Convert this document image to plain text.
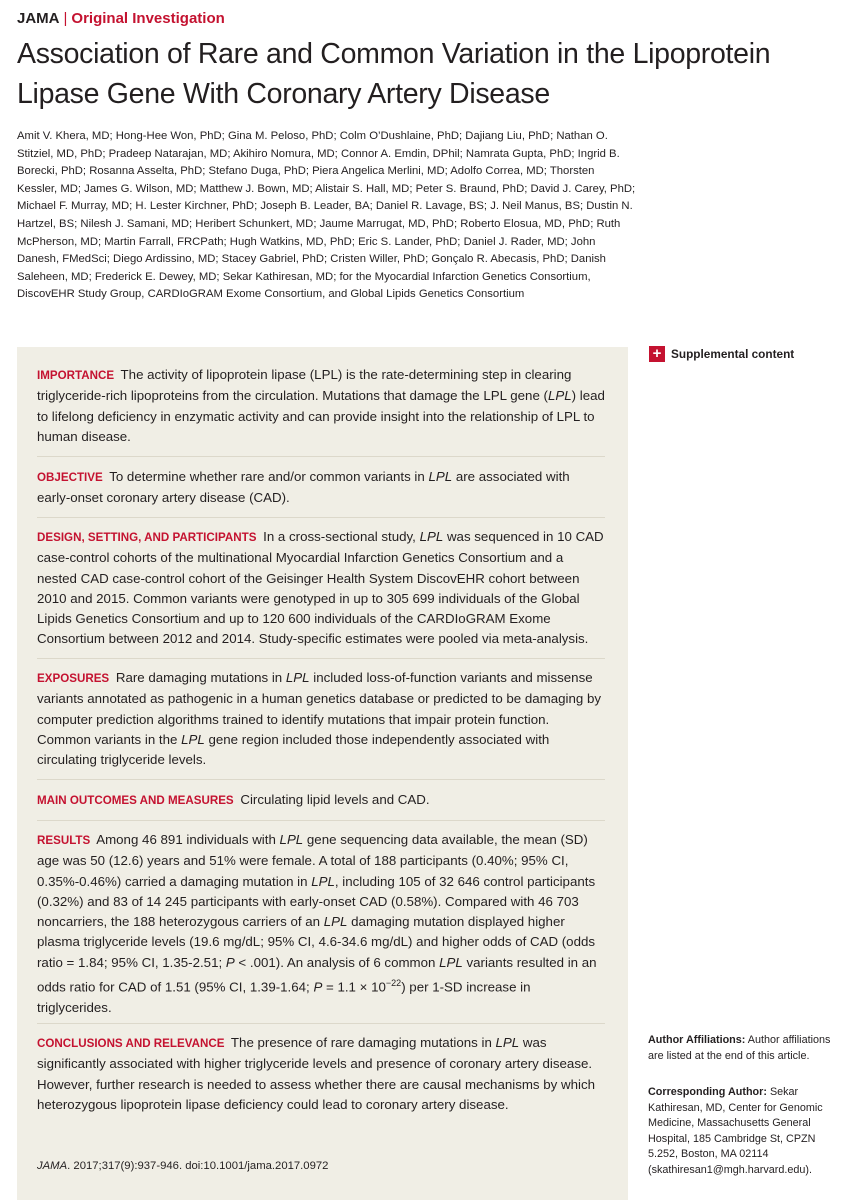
JAMA | Original Investigation
Association of Rare and Common Variation in the Lipoprotein Lipase Gene With Coronary Artery Disease

Amit V. Khera, MD; Hong-Hee Won, PhD; Gina M. Peloso, PhD; Colm O’Dushlaine, PhD; Dajiang Liu, PhD; Nathan O. Stitziel, MD, PhD; Pradeep Natarajan, MD; Akihiro Nomura, MD; Connor A. Emdin, DPhil; Namrata Gupta, PhD; Ingrid B. Borecki, PhD; Rosanna Asselta, PhD; Stefano Duga, PhD; Piera Angelica Merlini, MD; Adolfo Correa, MD; Thorsten Kessler, MD; James G. Wilson, MD; Matthew J. Bown, MD; Alistair S. Hall, MD; Peter S. Braund, PhD; David J. Carey, PhD; Michael F. Murray, MD; H. Lester Kirchner, PhD; Joseph B. Leader, BA; Daniel R. Lavage, BS; J. Neil Manus, BS; Dustin N. Hartzel, BS; Nilesh J. Samani, MD; Heribert Schunkert, MD; Jaume Marrugat, MD, PhD; Roberto Elosua, MD, PhD; Ruth McPherson, MD; Martin Farrall, FRCPath; Hugh Watkins, MD, PhD; Eric S. Lander, PhD; Daniel J. Rader, MD; John Danesh, FMedSci; Diego Ardissino, MD; Stacey Gabriel, PhD; Cristen Willer, PhD; Gonçalo R. Abecasis, PhD; Danish Saleheen, MD; Frederick E. Dewey, MD; Sekar Kathiresan, MD; for the Myocardial Infarction Genetics Consortium, DiscovEHR Study Group, CARDIoGRAM Exome Consortium, and Global Lipids Genetics Consortium

IMPORTANCE The activity of lipoprotein lipase (LPL) is the rate-determining step in clearing triglyceride-rich lipoproteins from the circulation. Mutations that damage the LPL gene (LPL) lead to lifelong deficiency in enzymatic activity and can provide insight into the relationship of LPL to human disease.

OBJECTIVE To determine whether rare and/or common variants in LPL are associated with early-onset coronary artery disease (CAD).

DESIGN, SETTING, AND PARTICIPANTS In a cross-sectional study, LPL was sequenced in 10 CAD case-control cohorts of the multinational Myocardial Infarction Genetics Consortium and a nested CAD case-control cohort of the Geisinger Health System DiscovEHR cohort between 2010 and 2015. Common variants were genotyped in up to 305 699 individuals of the Global Lipids Genetics Consortium and up to 120 600 individuals of the CARDIoGRAM Exome Consortium between 2012 and 2014. Study-specific estimates were pooled via meta-analysis.

EXPOSURES Rare damaging mutations in LPL included loss-of-function variants and missense variants annotated as pathogenic in a human genetics database or predicted to be damaging by computer prediction algorithms trained to identify mutations that impair protein function. Common variants in the LPL gene region included those independently associated with circulating triglyceride levels.

MAIN OUTCOMES AND MEASURES Circulating lipid levels and CAD.

RESULTS Among 46 891 individuals with LPL gene sequencing data available, the mean (SD) age was 50 (12.6) years and 51% were female. A total of 188 participants (0.40%; 95% CI, 0.35%-0.46%) carried a damaging mutation in LPL, including 105 of 32 646 control participants (0.32%) and 83 of 14 245 participants with early-onset CAD (0.58%). Compared with 46 703 noncarriers, the 188 heterozygous carriers of an LPL damaging mutation displayed higher plasma triglyceride levels (19.6 mg/dL; 95% CI, 4.6-34.6 mg/dL) and higher odds of CAD (odds ratio = 1.84; 95% CI, 1.35-2.51; P < .001). An analysis of 6 common LPL variants resulted in an odds ratio for CAD of 1.51 (95% CI, 1.39-1.64; $P = 1.1 \times 10^{-22}$) per 1-SD increase in triglycerides.

CONCLUSIONS AND RELEVANCE The presence of rare damaging mutations in LPL was significantly associated with higher triglyceride levels and presence of coronary artery disease. However, further research is needed to assess whether there are causal mechanisms by which heterozygous lipoprotein lipase deficiency could lead to coronary artery disease.

JAMA. 2017;317(9):937-946. doi:10.1001/jama.2017.0972
+ Supplemental content

Author Affiliations: Author affiliations are listed at the end of this article.

Corresponding Author: Sekar Kathiresan, MD, Center for Genomic Medicine, Massachusetts General Hospital, 185 Cambridge St, CPZN 5.252, Boston, MA 02114 (skathiresan1@mgh.harvard.edu).
